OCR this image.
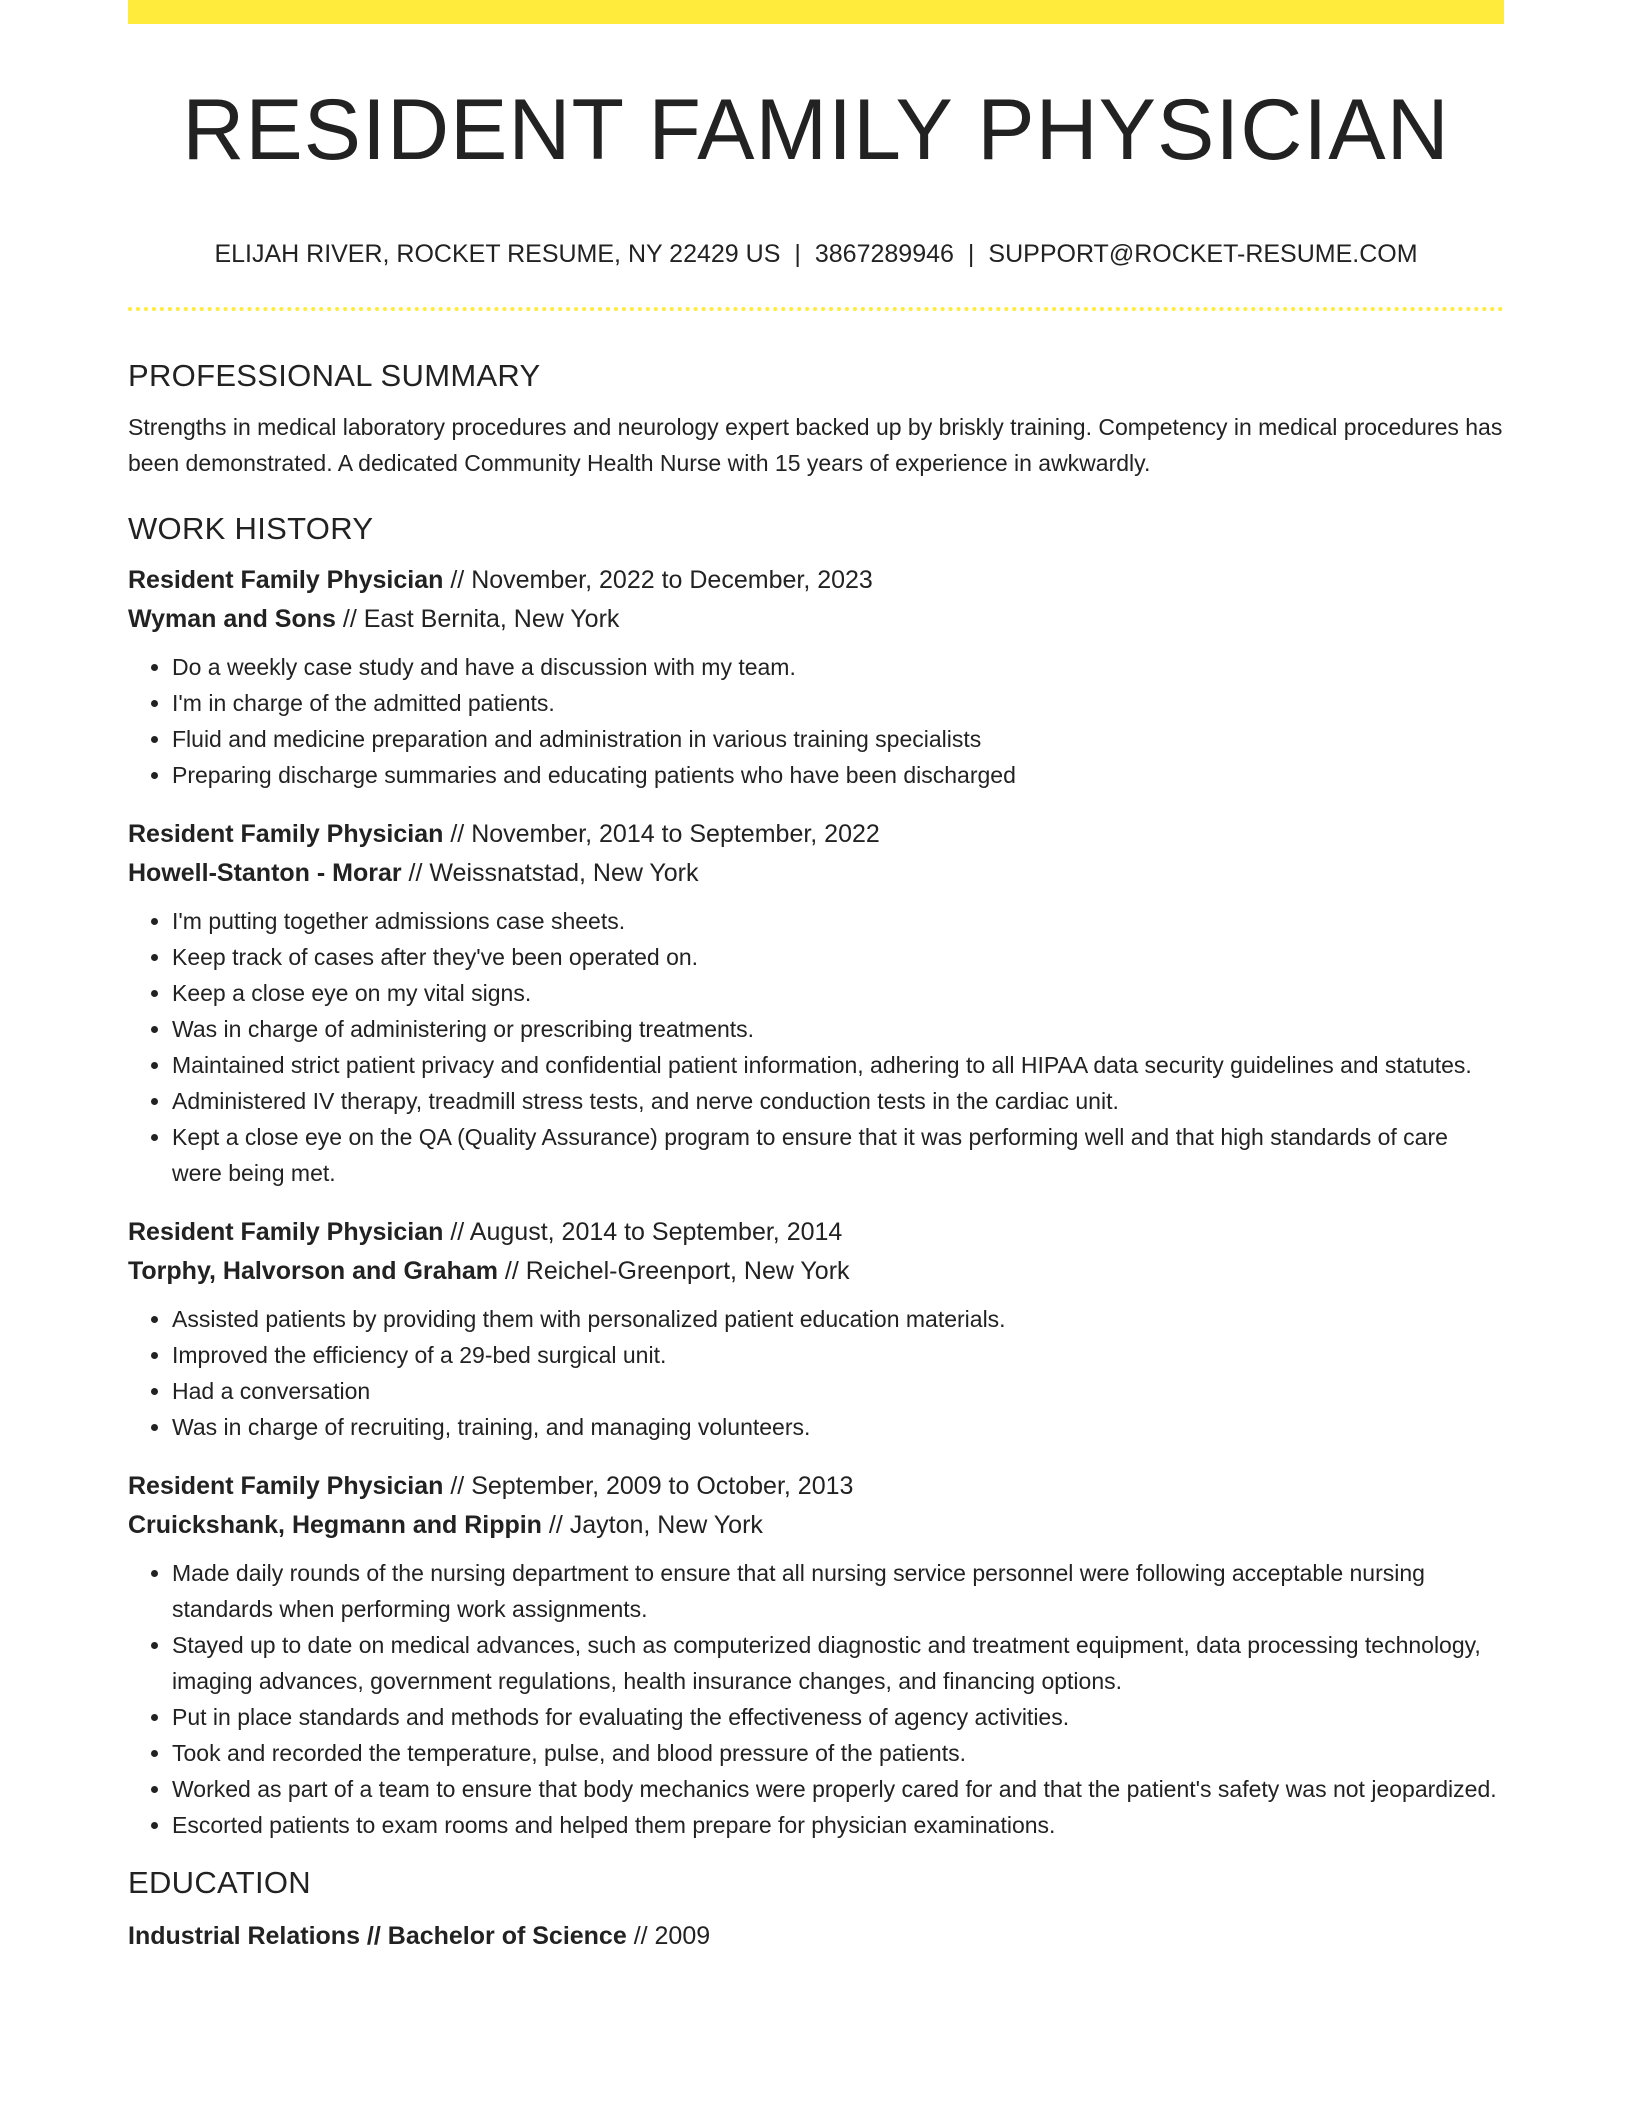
RESIDENT FAMILY PHYSICIAN
ELIJAH RIVER, ROCKET RESUME, NY 22429 US | 3867289946 | SUPPORT@ROCKET-RESUME.COM
PROFESSIONAL SUMMARY

Strengths in medical laboratory procedures and neurology expert backed up by briskly training. Competency in medical procedures has been demonstrated. A dedicated Community Health Nurse with 15 years of experience in awkwardly.

WORK HISTORY
Resident Family Physician // November, 2022 to December, 2023
Wyman and Sons // East Bernita, New York
• Do a weekly case study and have a discussion with my team.
• I'm in charge of the admitted patients.
• Fluid and medicine preparation and administration in various training specialists
• Preparing discharge summaries and educating patients who have been discharged
Resident Family Physician // November, 2014 to September, 2022
Howell-Stanton - Morar // Weissnatstad, New York
• I'm putting together admissions case sheets.
• Keep track of cases after they've been operated on.
• Keep a close eye on my vital signs.
• Was in charge of administering or prescribing treatments.
• Maintained strict patient privacy and confidential patient information, adhering to all HIPAA data security guidelines and statutes.
• Administered IV therapy, treadmill stress tests, and nerve conduction tests in the cardiac unit.
• Kept a close eye on the QA (Quality Assurance) program to ensure that it was performing well and that high standards of care were being met.
Resident Family Physician // August, 2014 to September, 2014
Torphy, Halvorson and Graham // Reichel-Greenport, New York
• Assisted patients by providing them with personalized patient education materials.
• Improved the efficiency of a 29-bed surgical unit.
• Had a conversation
• Was in charge of recruiting, training, and managing volunteers.
Resident Family Physician // September, 2009 to October, 2013
Cruickshank, Hegmann and Rippin // Jayton, New York
• Made daily rounds of the nursing department to ensure that all nursing service personnel were following acceptable nursing standards when performing work assignments.
• Stayed up to date on medical advances, such as computerized diagnostic and treatment equipment, data processing technology, imaging advances, government regulations, health insurance changes, and financing options.
• Put in place standards and methods for evaluating the effectiveness of agency activities.
• Took and recorded the temperature, pulse, and blood pressure of the patients.
• Worked as part of a team to ensure that body mechanics were properly cared for and that the patient's safety was not jeopardized.
• Escorted patients to exam rooms and helped them prepare for physician examinations.
EDUCATION
Industrial Relations // Bachelor of Science // 2009
